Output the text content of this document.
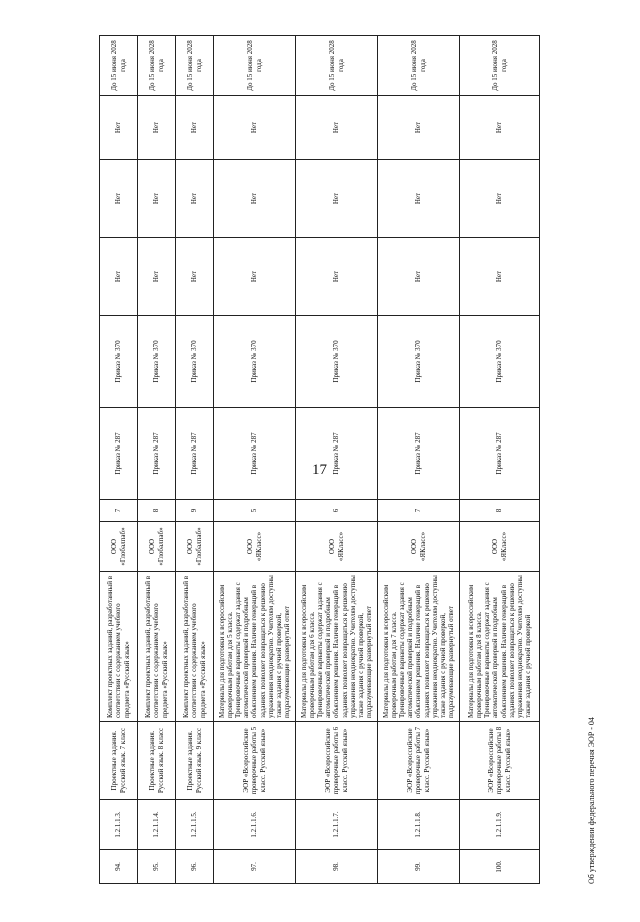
17
94.	1.2.1.1.3.	Проектные задания. Русский язык. 7 класс	Комплект проектных заданий, разработанный в соответствии с содержанием учебного предмета «Русский язык»	ООО «Глобалпаб»	7	Приказ № 287	Приказ № 370	Нет	Нет	Нет	До 15 июня 2028 года
95.	1.2.1.1.4.	Проектные задания. Русский язык. 8 класс	Комплект проектных заданий, разработанный в соответствии с содержанием учебного предмета «Русский язык»	ООО «Глобалпаб»	8	Приказ № 287	Приказ № 370	Нет	Нет	Нет	До 15 июня 2028 года
96.	1.2.1.1.5.	Проектные задания. Русский язык. 9 класс	Комплект проектных заданий, разработанный в соответствии с содержанием учебного предмета «Русский язык»	ООО «Глобалпаб»	9	Приказ № 287	Приказ № 370	Нет	Нет	Нет	До 15 июня 2028 года
97.	1.2.1.1.6.	ЭОР «Всероссийские проверочные работы 5 класс. Русский язык»	Материалы для подготовки к всероссийским проверочным работам для 5 класса. Тренировочные варианты содержат задания с автоматической проверкой и подробным объяснением решения. Наличие генераций в заданиях позволяет возвращаться к решению упражнения неоднократно. Учителям доступны также задания с ручной проверкой, подразумевающие развернутый ответ	ООО «ЯКласс»	5	Приказ № 287	Приказ № 370	Нет	Нет	Нет	До 15 июня 2028 года
98.	1.2.1.1.7.	ЭОР «Всероссийские проверочные работы 6 класс. Русский язык»	Материалы для подготовки к всероссийским проверочным работам для 6 класса. Тренировочные варианты содержат задания с автоматической проверкой и подробным объяснением решения. Наличие генераций в заданиях позволяет возвращаться к решению упражнения неоднократно. Учителям доступны также задания с ручной проверкой, подразумевающие развернутый ответ	ООО «ЯКласс»	6	Приказ № 287	Приказ № 370	Нет	Нет	Нет	До 15 июня 2028 года
99.	1.2.1.1.8.	ЭОР «Всероссийские проверочные работы 7 класс. Русский язык»	Материалы для подготовки к всероссийским проверочным работам для 7 класса. Тренировочные варианты содержат задания с автоматической проверкой и подробным объяснением решения. Наличие генераций в заданиях позволяет возвращаться к решению упражнения неоднократно. Учителям доступны также задания с ручной проверкой, подразумевающие развернутый ответ	ООО «ЯКласс»	7	Приказ № 287	Приказ № 370	Нет	Нет	Нет	До 15 июня 2028 года
100.	1.2.1.1.9.	ЭОР «Всероссийские проверочные работы 8 класс. Русский язык»	Материалы для подготовки к всероссийским проверочным работам для 8 класса. Тренировочные варианты содержат задания с автоматической проверкой и подробным объяснением решения. Наличие генераций в заданиях позволяет возвращаться к решению упражнения неоднократно. Учителям доступны также задания с ручной проверкой	ООО «ЯКласс»	8	Приказ № 287	Приказ № 370	Нет	Нет	Нет	До 15 июня 2028 года
Об утверждении федерального перечня ЭОР - 04
